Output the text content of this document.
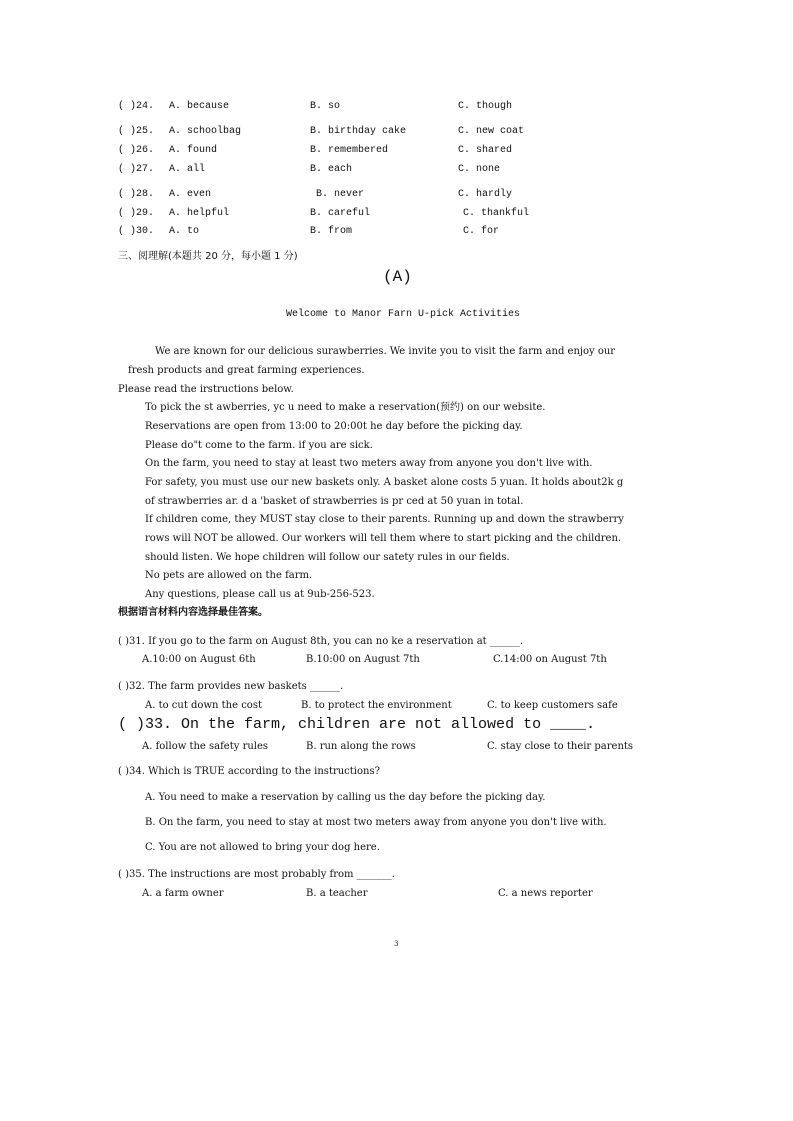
( )24. A. because	B. so	C. though
( )25. A. schoolbag	B. birthday cake	C. new coat
( )26. A. found	B. remembered	C. shared
( )27. A. all	B. each	C. none
( )28. A. even	B. never	C. hardly
( )29. A. helpful	B. careful	C. thankful
( )30. A. to	B. from	C. for
三、阅理解(本题共 20 分，每小题 1 分)
(A)
Welcome to Manor Farn U-pick Activities
We are known for our delicious surawberries. We invite you to visit the farm and enjoy our
fresh products and great farming experiences.
Please read the irstructions below.
To pick the st awberries, yc u need to make a reservation(预约) on our website.
Reservations are open from 13:00 to 20:00t he day before the picking day.
Please do"t come to the farm. if you are sick.
On the farm, you need to stay at least two meters away from anyone you don't live with.
For safety, you must use our new baskets only. A basket alone costs 5 yuan. It holds about2k g
of strawberries ar. d a 'basket of strawberries is pr ced at 50 yuan in total.
If children come, they MUST stay close to their parents. Running up and down the strawberry
rows will NOT be allowed. Our workers will tell them where to start picking and the children.
should listen. We hope children will follow our satety rules in our fields.
No pets are allowed on the farm.
Any questions, please call us at 9ub-256-523.
根据语言材料内容选择最佳答案。
( )31. If you go to the farm on August 8th, you can no ke a reservation at ______.
A.10:00 on August 6th	B.10:00 on August 7th	C.14:00 on August 7th
( )32. The farm provides new baskets ______.
A. to cut down the cost	B. to protect the environment	C. to keep customers safe
( )33. On the farm, children are not allowed to ____.
A. follow the safety rules	B. run along the rows	C. stay close to their parents
( )34. Which is TRUE according to the instructions?
A. You need to make a reservation by calling us the day before the picking day.
B. On the farm, you need to stay at most two meters away from anyone you don't live with.
C. You are not allowed to bring your dog here.
( )35. The instructions are most probably from _______.
A. a farm owner	B. a teacher	C. a news reporter
3
